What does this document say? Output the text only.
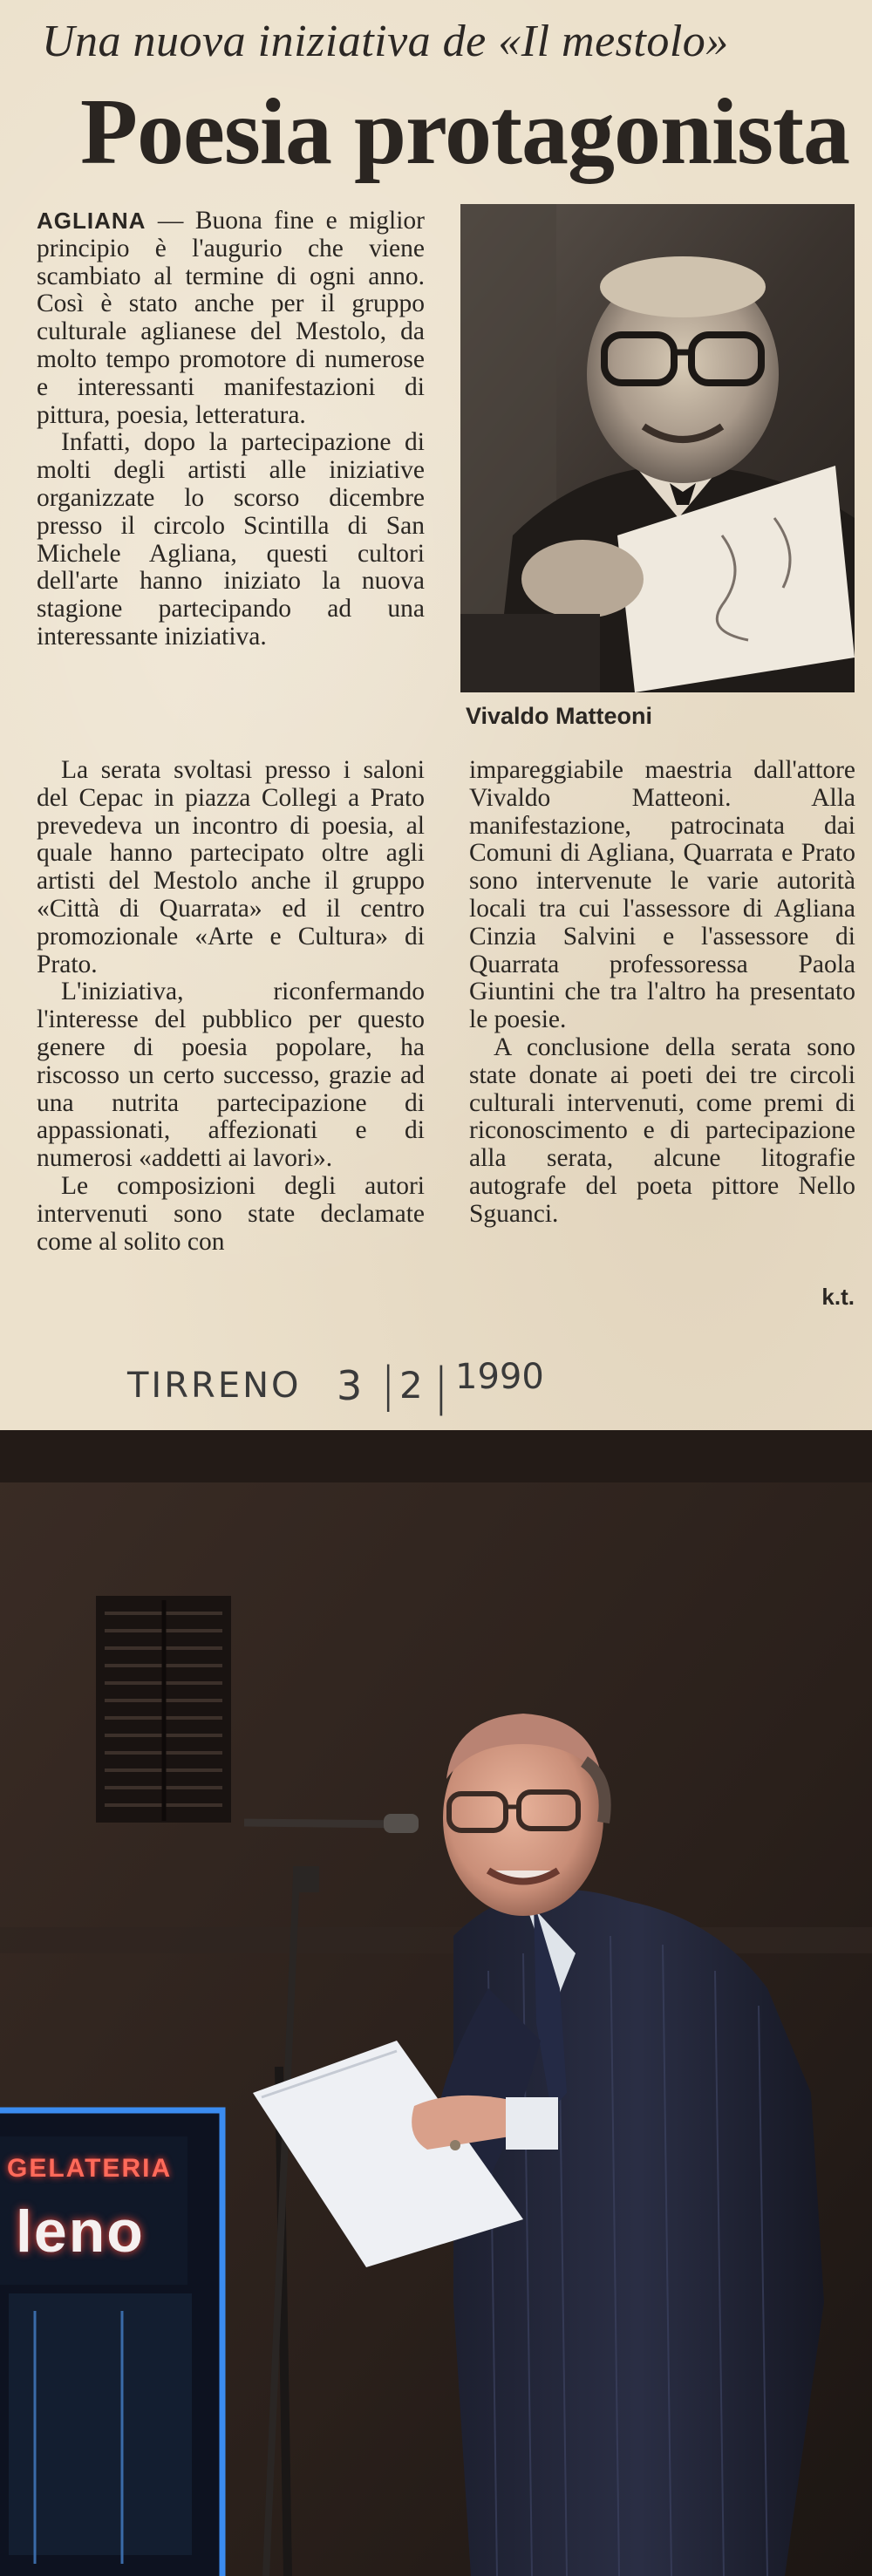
Una nuova iniziativa de «Il mestolo»
Poesia protagonista

AGLIANA — Buona fine e miglior principio è l'augurio che viene scambiato al termine di ogni anno. Così è stato anche per il gruppo culturale aglianese del Mestolo, da molto tempo promotore di numerose e interessanti manifestazioni di pittura, poesia, letteratura.

Infatti, dopo la partecipazione di molti degli artisti alle iniziative organizzate lo scorso dicembre presso il circolo Scintilla di San Michele Agliana, questi cultori dell'arte hanno iniziato la nuova stagione partecipando ad una interessante iniziativa.

Vivaldo Matteoni

La serata svoltasi presso i saloni del Cepac in piazza Collegi a Prato prevedeva un incontro di poesia, al quale hanno partecipato oltre agli artisti del Mestolo anche il gruppo «Città di Quarrata» ed il centro promozionale «Arte e Cultura» di Prato.

L'iniziativa, riconfermando l'interesse del pubblico per questo genere di poesia popolare, ha riscosso un certo successo, grazie ad una nutrita partecipazione di appassionati, affezionati e di numerosi «addetti ai lavori».

Le composizioni degli autori intervenuti sono state declamate come al solito con

impareggiabile maestria dall'attore Vivaldo Matteoni. Alla manifestazione, patrocinata dai Comuni di Agliana, Quarrata e Prato sono intervenute le varie autorità locali tra cui l'assessore di Agliana Cinzia Salvini e l'assessore di Quarrata professoressa Paola Giuntini che tra l'altro ha presentato le poesie.

A conclusione della serata sono state donate ai poeti dei tre circoli culturali intervenuti, come premi di riconoscimento e di partecipazione alla serata, alcune litografie autografe del poeta pittore Nello Sguanci.

k.t.
TIRRENO 3 | 2 | 1990
GELATERIA
leno
